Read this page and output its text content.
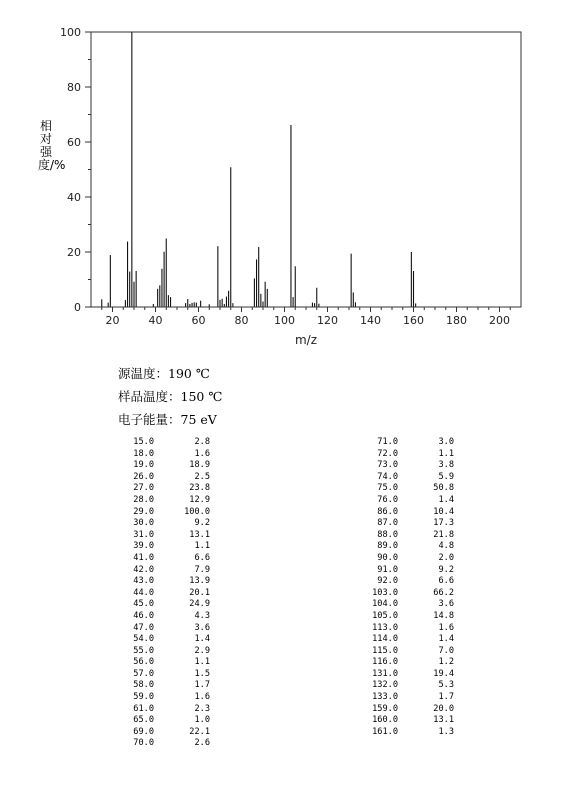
20	40	60	80 100 120 140 160 180 200
0
20
40
60
80
100
m/z
相对强度/%
源温度：190 ℃
样品温度：150 ℃
电子能量：75 eV
15.0	2.8
18.0	1.6
19.0	18.9
26.0	2.5
27.0	23.8
28.0	12.9
29.0	100.0
30.0	9.2
31.0	13.1
39.0	1.1
41.0	6.6
42.0	7.9
43.0	13.9
44.0	20.1
45.0	24.9
46.0	4.3
47.0	3.6
54.0	1.4
55.0	2.9
56.0	1.1
57.0	1.5
58.0	1.7
59.0	1.6
61.0	2.3
65.0	1.0
69.0	22.1
70.0	2.6
71.0	3.0
72.0	1.1
73.0	3.8
74.0	5.9
75.0	50.8
76.0	1.4
86.0	10.4
87.0	17.3
88.0	21.8
89.0	4.8
90.0	2.0
91.0	9.2
92.0	6.6
103.0	66.2
104.0	3.6
105.0	14.8
113.0	1.6
114.0	1.4
115.0	7.0
116.0	1.2
131.0	19.4
132.0	5.3
133.0	1.7
159.0	20.0
160.0	13.1
161.0	1.3
